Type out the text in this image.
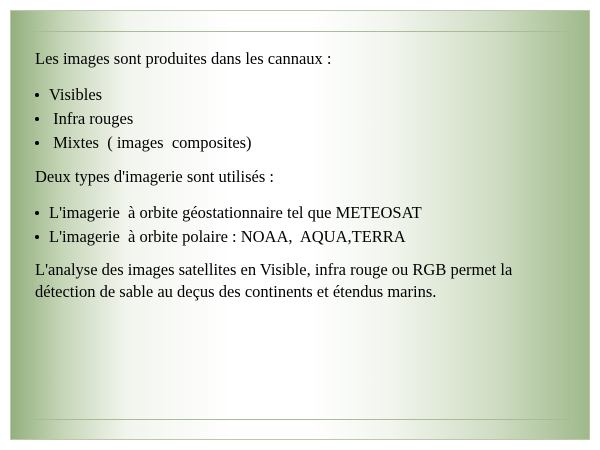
Les images sont produites dans les cannaux :

Visibles
Infra rouges
Mixtes  ( images  composites)

Deux types d'imagerie sont utilisés :

L'imagerie  à orbite géostationnaire tel que METEOSAT
L'imagerie  à orbite polaire : NOAA,  AQUA,TERRA

L'analyse des images satellites en Visible, infra rouge ou RGB permet la détection de sable au deçus des continents et étendus marins.
